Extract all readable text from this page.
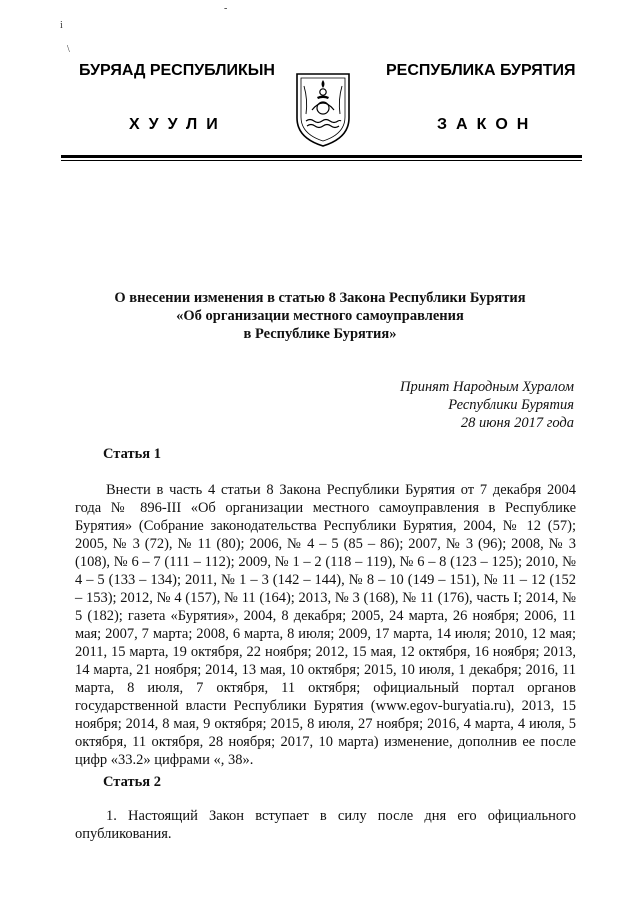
i
\
-
БУРЯАД РЕСПУБЛИКЫН	РЕСПУБЛИКА БУРЯТИЯ
ХУУЛИ	ЗАКОН
О внесении изменения в статью 8 Закона Республики Бурятия
«Об организации местного самоуправления
в Республике Бурятия»
Принят Народным Хуралом
Республики Бурятия
28 июня 2017 года
Статья 1
Внести в часть 4 статьи 8 Закона Республики Бурятия от 7 декабря 2004 года № 896-III «Об организации местного самоуправления в Республике Бурятия» (Собрание законодательства Республики Бурятия, 2004, № 12 (57); 2005, № 3 (72), № 11 (80); 2006, № 4 – 5 (85 – 86); 2007, № 3 (96); 2008, № 3 (108), № 6 – 7 (111 – 112); 2009, № 1 – 2 (118 – 119), № 6 – 8 (123 – 125); 2010, № 4 – 5 (133 – 134); 2011, № 1 – 3 (142 – 144), № 8 – 10 (149 – 151), № 11 – 12 (152 – 153); 2012, № 4 (157), № 11 (164); 2013, № 3 (168), № 11 (176), часть I; 2014, № 5 (182); газета «Бурятия», 2004, 8 декабря; 2005, 24 марта, 26 ноября; 2006, 11 мая; 2007, 7 марта; 2008, 6 марта, 8 июля; 2009, 17 марта, 14 июля; 2010, 12 мая; 2011, 15 марта, 19 октября, 22 ноября; 2012, 15 мая, 12 октября, 16 ноября; 2013, 14 марта, 21 ноября; 2014, 13 мая, 10 октября; 2015, 10 июля, 1 декабря; 2016, 11 марта, 8 июля, 7 октября, 11 октября; официальный портал органов государственной власти Республики Бурятия (www.egov-buryatia.ru), 2013, 15 ноября; 2014, 8 мая, 9 октября; 2015, 8 июля, 27 ноября; 2016, 4 марта, 4 июля, 5 октября, 11 октября, 28 ноября; 2017, 10 марта) изменение, дополнив ее после цифр «33.2» цифрами «, 38».
Статья 2
1. Настоящий Закон вступает в силу после дня его официального опубликования.
